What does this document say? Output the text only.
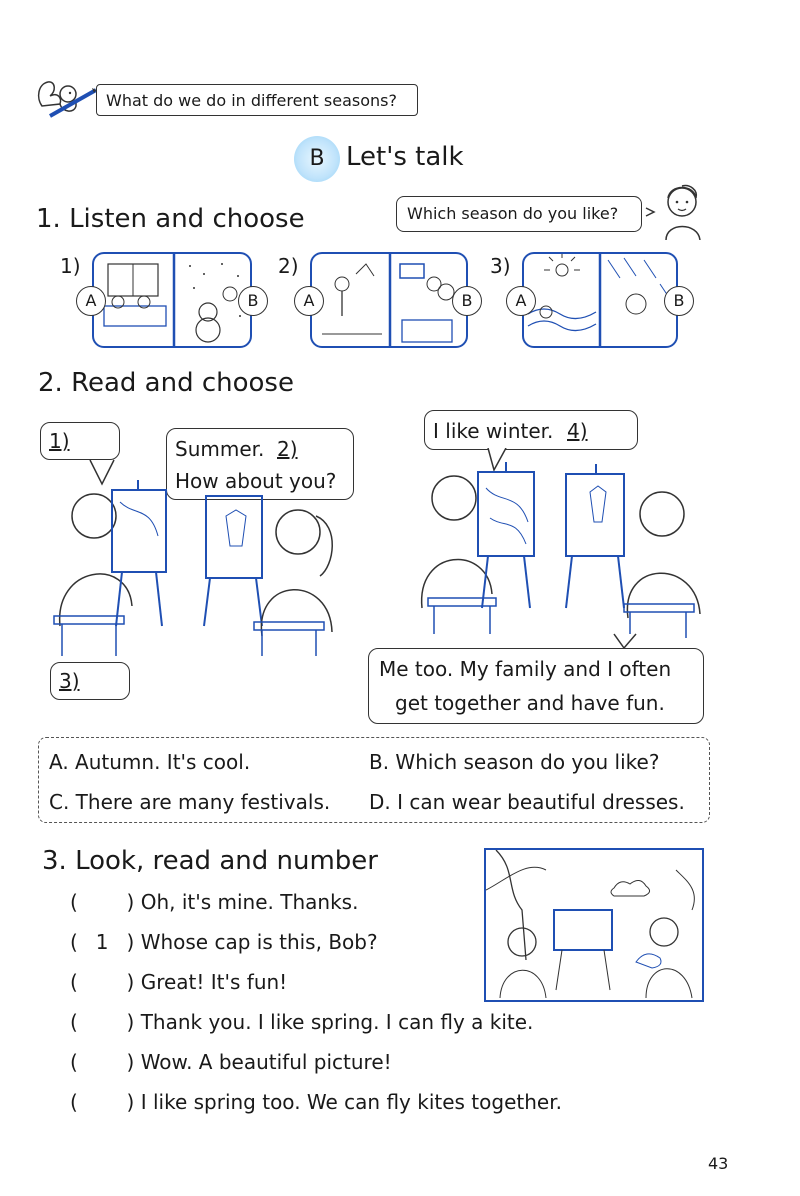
What do we do in different seasons?
B Let's talk
1. Listen and choose	Which season do you like?
1)
A	B
2)
A	B
3)
A	B
2. Read and choose
1)	Summer. 2)
How about you?
3)
I like winter. 4)
Me too. My family and I often
get together and have fun.
A. Autumn. It's cool.	B. Which season do you like?
C. There are many festivals. D. I can wear beautiful dresses.
3. Look, read and number
( ) Oh, it's mine. Thanks.
( 1 ) Whose cap is this, Bob?
( ) Great! It's fun!
( ) Thank you. I like spring. I can fly a kite.
( ) Wow. A beautiful picture!
( ) I like spring too. We can fly kites together.
43
